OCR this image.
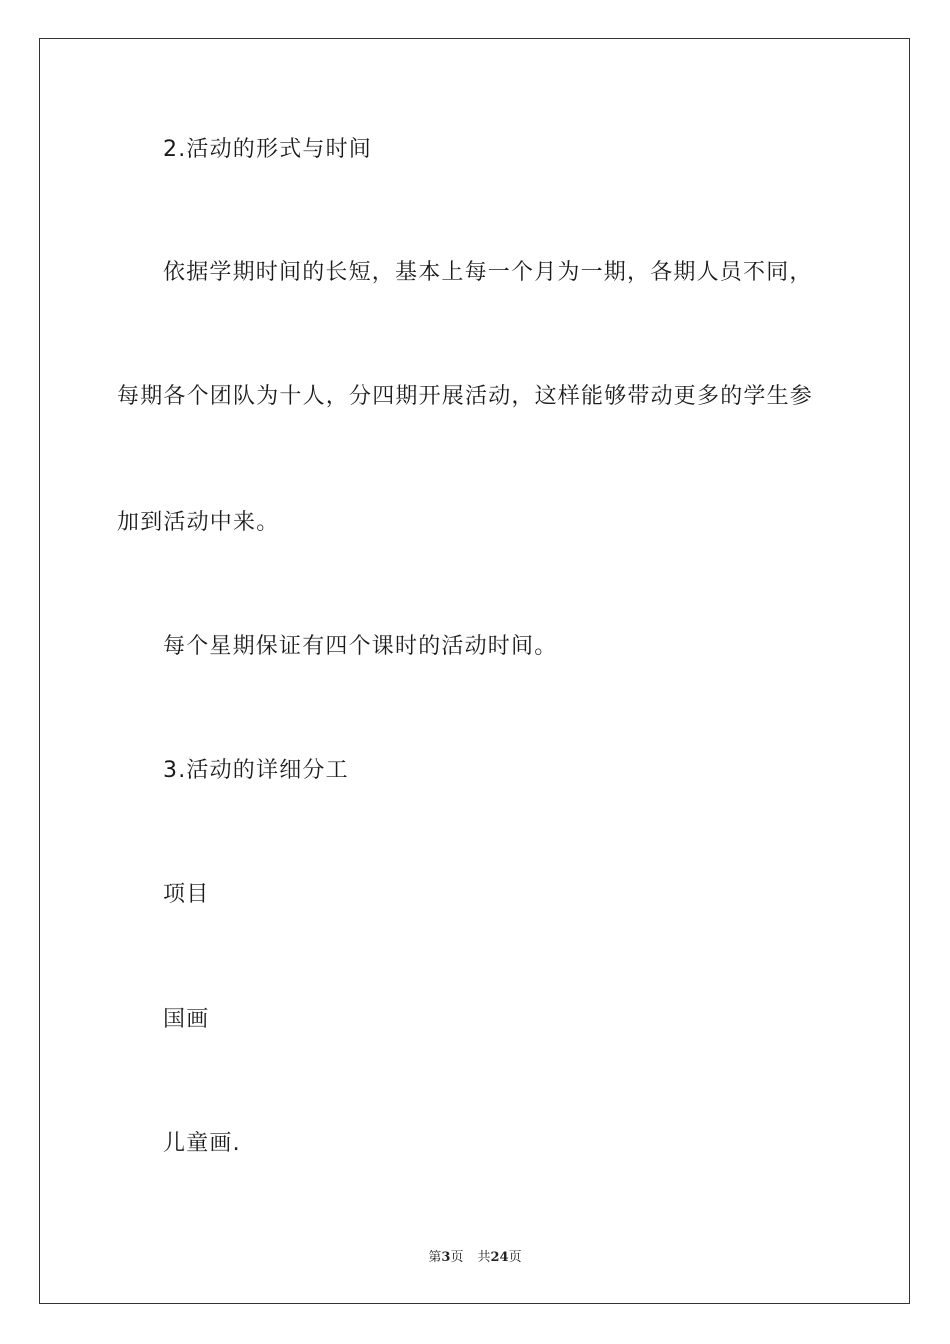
2.活动的形式与时间
依据学期时间的长短，基本上每一个月为一期，各期人员不同，
每期各个团队为十人，分四期开展活动，这样能够带动更多的学生参
加到活动中来。
每个星期保证有四个课时的活动时间。
3.活动的详细分工
项目
国画
儿童画.
第3页 共24页
